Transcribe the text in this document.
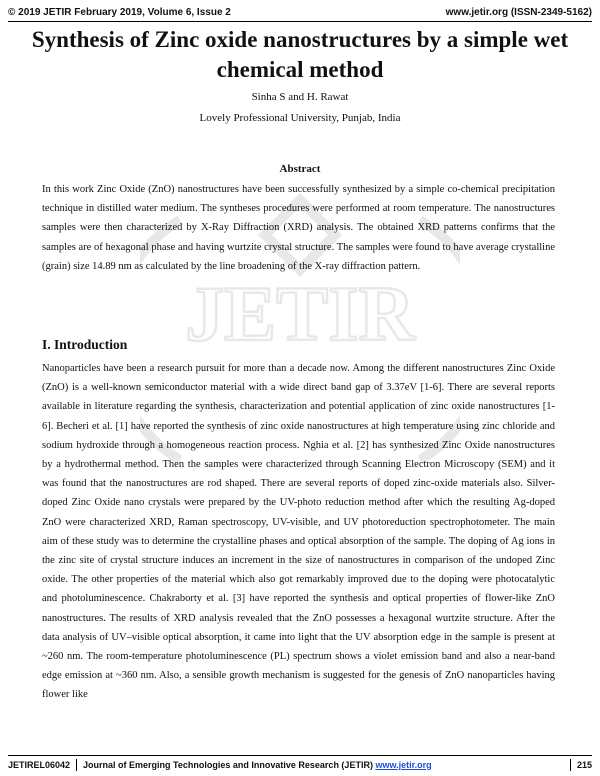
© 2019 JETIR February 2019, Volume 6, Issue 2	www.jetir.org (ISSN-2349-5162)
JETIR
Synthesis of Zinc oxide nanostructures by a simple wet chemical method
Sinha S and H. Rawat
Lovely Professional University, Punjab, India
Abstract

In this work Zinc Oxide (ZnO) nanostructures have been successfully synthesized by a simple co-chemical precipitation technique in distilled water medium. The syntheses procedures were performed at room temperature. The nanostructures samples were then characterized by X-Ray Diffraction (XRD) analysis. The obtained XRD patterns confirms that the samples are of hexagonal phase and having wurtzite crystal structure. The samples were found to have average crystalline (grain) size 14.89 nm as calculated by the line broadening of the X-ray diffraction pattern.

I. Introduction

Nanoparticles have been a research pursuit for more than a decade now. Among the different nanostructures Zinc Oxide (ZnO) is a well-known semiconductor material with a wide direct band gap of 3.37eV [1-6]. There are several reports available in literature regarding the synthesis, characterization and potential application of zinc oxide nanostructures [1-6]. Becheri et al. [1] have reported the synthesis of zinc oxide nanostructures at high temperature using zinc chloride and sodium hydroxide through a homogeneous reaction process. Nghia et al. [2] has synthesized Zinc Oxide nanostructures by a hydrothermal method. Then the samples were characterized through Scanning Electron Microscopy (SEM) and it was found that the nanostructures are rod shaped. There are several reports of doped zinc-oxide materials also. Silver-doped Zinc Oxide nano crystals were prepared by the UV-photo reduction method after which the resulting Ag-doped ZnO were characterized XRD, Raman spectroscopy, UV-visible, and UV photoreduction spectrophotometer. The main aim of these study was to determine the crystalline phases and optical absorption of the sample. The doping of Ag ions in the zinc site of crystal structure induces an increment in the size of nanostructures in comparison of the undoped Zinc oxide. The other properties of the material which also got remarkably improved due to the doping were photocatalytic and photoluminescence. Chakraborty et al. [3] have reported the synthesis and optical properties of flower-like ZnO nanostructures. The results of XRD analysis revealed that the ZnO possesses a hexagonal wurtzite structure. After the data analysis of UV–visible optical absorption, it came into light that the UV absorption edge in the sample is present at ~260 nm. The room-temperature photoluminescence (PL) spectrum shows a violet emission band and also a near-band edge emission at ~360 nm. Also, a sensible growth mechanism is suggested for the genesis of ZnO nanoparticles having flower like

JETIREL06042 Journal of Emerging Technologies and Innovative Research (JETIR) www.jetir.org	215
